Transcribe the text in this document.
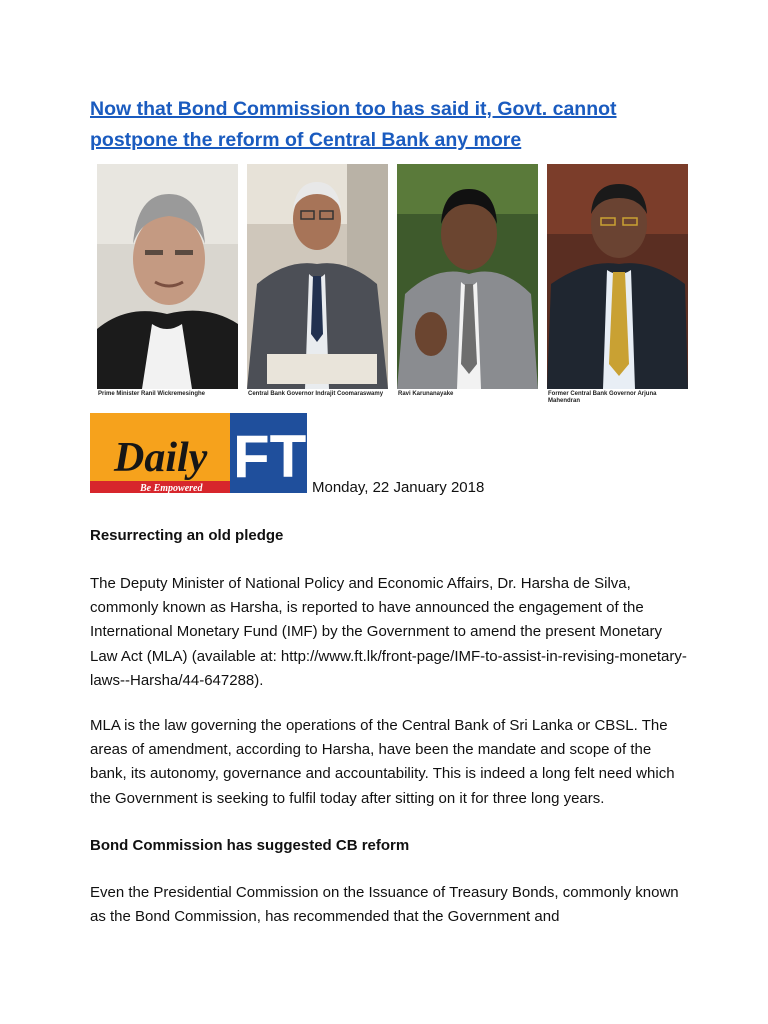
Now that Bond Commission too has said it, Govt. cannot postpone the reform of Central Bank any more
Prime Minister Ranil Wickremesinghe	Central Bank Governor Indrajit Coomaraswamy	Ravi Karunanayake	Former Central Bank Governor Arjuna Mahendran
Daily FT
Be Empowered	Monday, 22 January 2018
Resurrecting an old pledge
The Deputy Minister of National Policy and Economic Affairs, Dr. Harsha de Silva, commonly known as Harsha, is reported to have announced the engagement of the International Monetary Fund (IMF) by the Government to amend the present Monetary Law Act (MLA) (available at: http://www.ft.lk/front-page/IMF-to-assist-in-revising-monetary-laws--Harsha/44-647288).
MLA is the law governing the operations of the Central Bank of Sri Lanka or CBSL. The areas of amendment, according to Harsha, have been the mandate and scope of the bank, its autonomy, governance and accountability. This is indeed a long felt need which the Government is seeking to fulfil today after sitting on it for three long years.
Bond Commission has suggested CB reform
Even the Presidential Commission on the Issuance of Treasury Bonds, commonly known as the Bond Commission, has recommended that the Government and
